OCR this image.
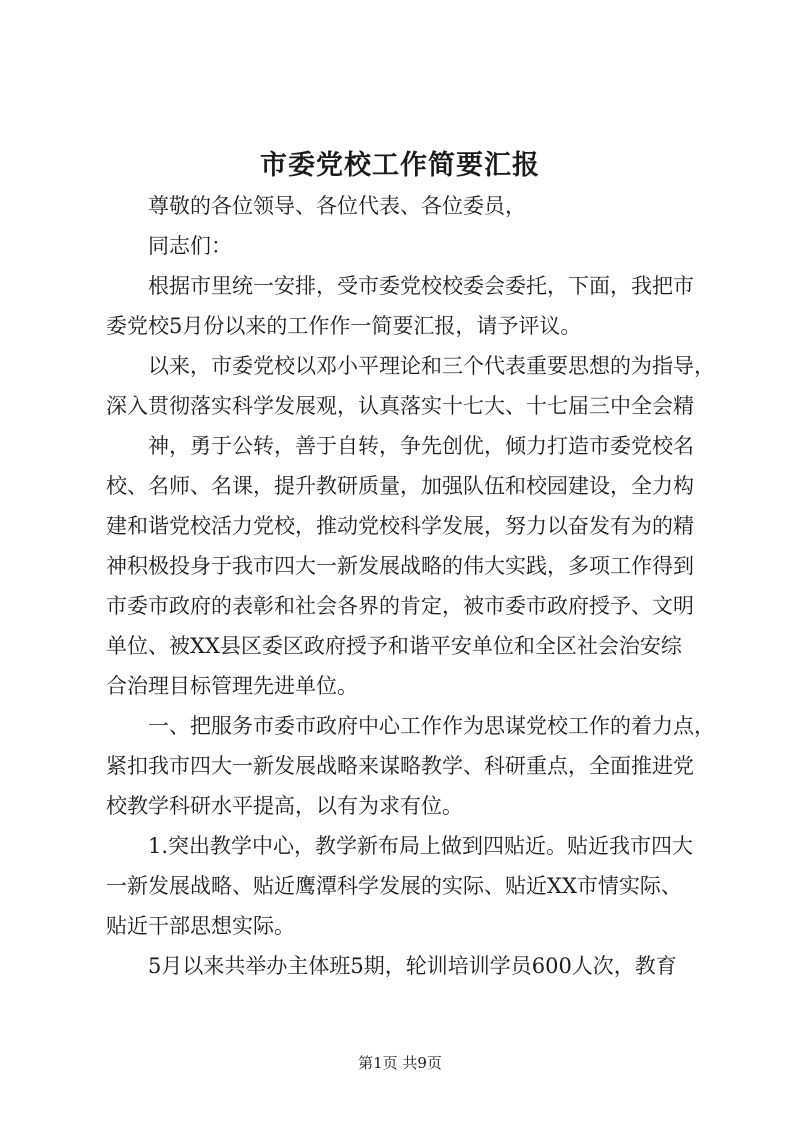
市委党校工作简要汇报

尊敬的各位领导、各位代表、各位委员，

同志们：

根据市里统一安排，受市委党校校委会委托，下面，我把市

委党校5月份以来的工作作一简要汇报，请予评议。

以来，市委党校以邓小平理论和三个代表重要思想的为指导，

深入贯彻落实科学发展观，认真落实十七大、十七届三中全会精

神，勇于公转，善于自转，争先创优，倾力打造市委党校名

校、名师、名课，提升教研质量，加强队伍和校园建设，全力构

建和谐党校活力党校，推动党校科学发展，努力以奋发有为的精

神积极投身于我市四大一新发展战略的伟大实践，多项工作得到

市委市政府的表彰和社会各界的肯定，被市委市政府授予、文明

单位、被XX县区委区政府授予和谐平安单位和全区社会治安综

合治理目标管理先进单位。

一、把服务市委市政府中心工作作为思谋党校工作的着力点，

紧扣我市四大一新发展战略来谋略教学、科研重点，全面推进党

校教学科研水平提高，以有为求有位。

1.突出教学中心，教学新布局上做到四贴近。贴近我市四大

一新发展战略、贴近鹰潭科学发展的实际、贴近XX市情实际、

贴近干部思想实际。

5月以来共举办主体班5期，轮训培训学员600人次，教育

第1页 共9页
